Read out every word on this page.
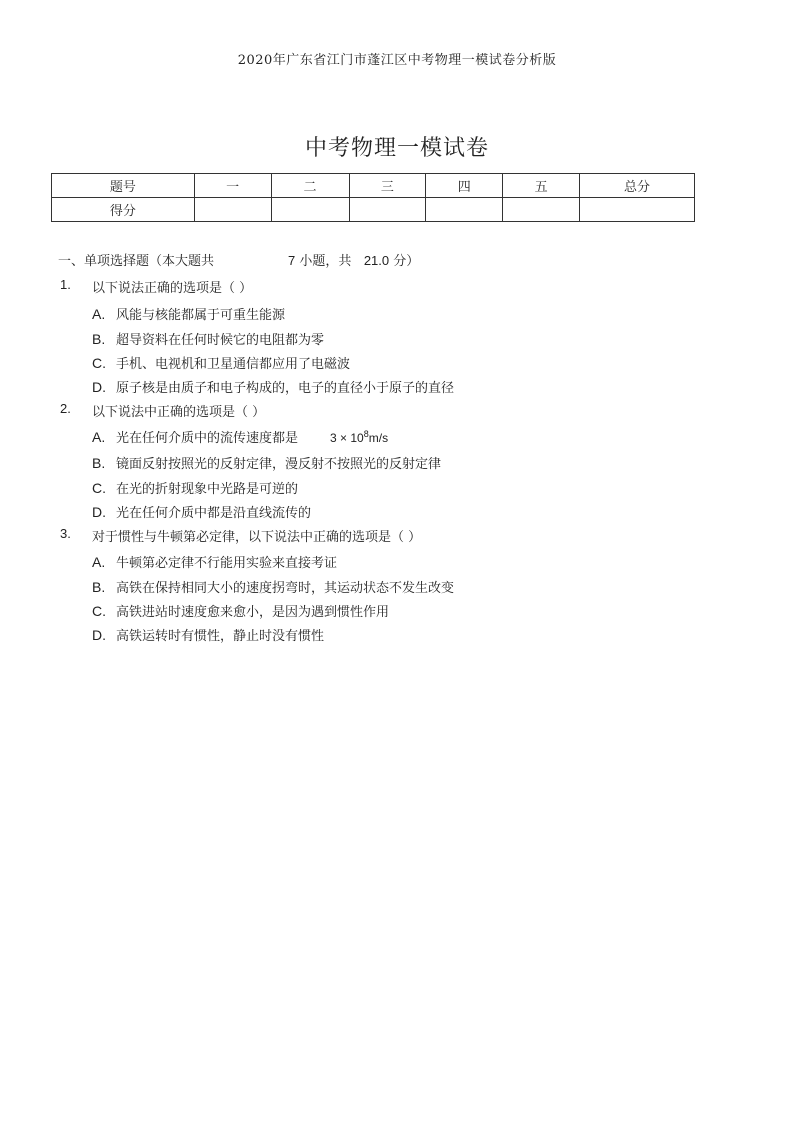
2020年广东省江门市蓬江区中考物理一模试卷分析版
中考物理一模试卷
题号	一	二	三	四	五	总分
得分						
一、单项选择题（本大题共	7 小题，共 21.0 分）
1. 以下说法正确的选项是（ ）
A. 风能与核能都属于可重生能源
B. 超导资料在任何时候它的电阻都为零
C. 手机、电视机和卫星通信都应用了电磁波
D. 原子核是由质子和电子构成的，电子的直径小于原子的直径
2. 以下说法中正确的选项是（ ）
A. 光在任何介质中的流传速度都是	$3 \times 10^8m/s$
B. 镜面反射按照光的反射定律，漫反射不按照光的反射定律
C. 在光的折射现象中光路是可逆的
D. 光在任何介质中都是沿直线流传的
3. 对于惯性与牛顿第必定律，以下说法中正确的选项是（ ）
A. 牛顿第必定律不行能用实验来直接考证
B. 高铁在保持相同大小的速度拐弯时，其运动状态不发生改变
C. 高铁进站时速度愈来愈小，是因为遇到惯性作用
D. 高铁运转时有惯性，静止时没有惯性
